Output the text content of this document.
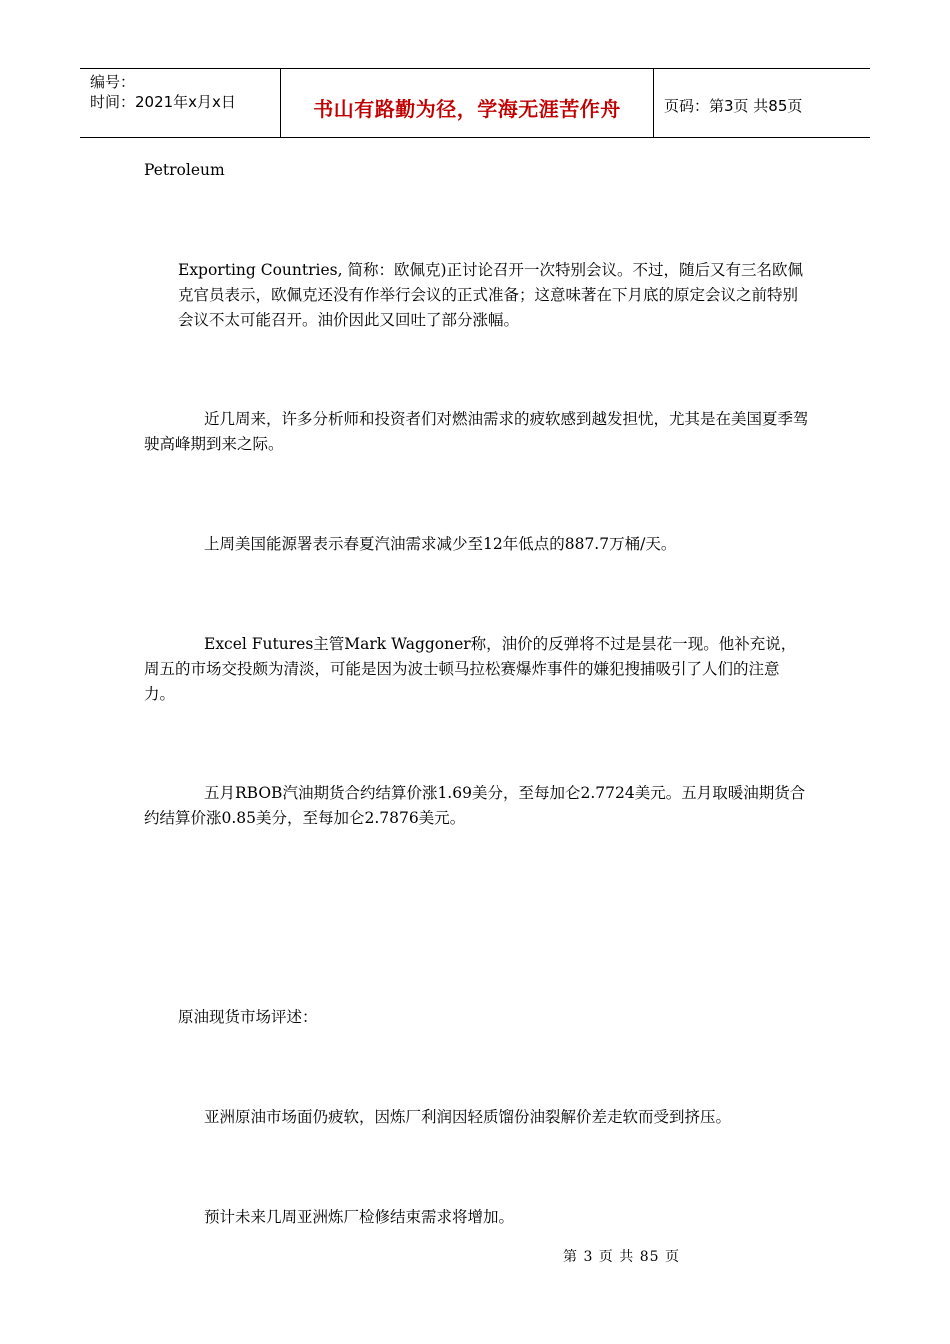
编号：
时间：2021年x月x日	书山有路勤为径，学海无涯苦作舟	页码：第3页 共85页
Petroleum
Exporting Countries, 简称：欧佩克)正讨论召开一次特别会议。不过，随后又有三名欧佩克官员表示，欧佩克还没有作举行会议的正式准备；这意味著在下月底的原定会议之前特别会议不太可能召开。油价因此又回吐了部分涨幅。
近几周来，许多分析师和投资者们对燃油需求的疲软感到越发担忧，尤其是在美国夏季驾驶高峰期到来之际。
上周美国能源署表示春夏汽油需求减少至12年低点的887.7万桶/天。
Excel Futures主管Mark Waggoner称，油价的反弹将不过是昙花一现。他补充说，周五的市场交投颇为清淡，可能是因为波士顿马拉松赛爆炸事件的嫌犯搜捕吸引了人们的注意力。
五月RBOB汽油期货合约结算价涨1.69美分，至每加仑2.7724美元。五月取暖油期货合约结算价涨0.85美分，至每加仑2.7876美元。
原油现货市场评述：
亚洲原油市场面仍疲软，因炼厂利润因轻质馏份油裂解价差走软而受到挤压。
预计未来几周亚洲炼厂检修结束需求将增加。
第 3 页 共 85 页
